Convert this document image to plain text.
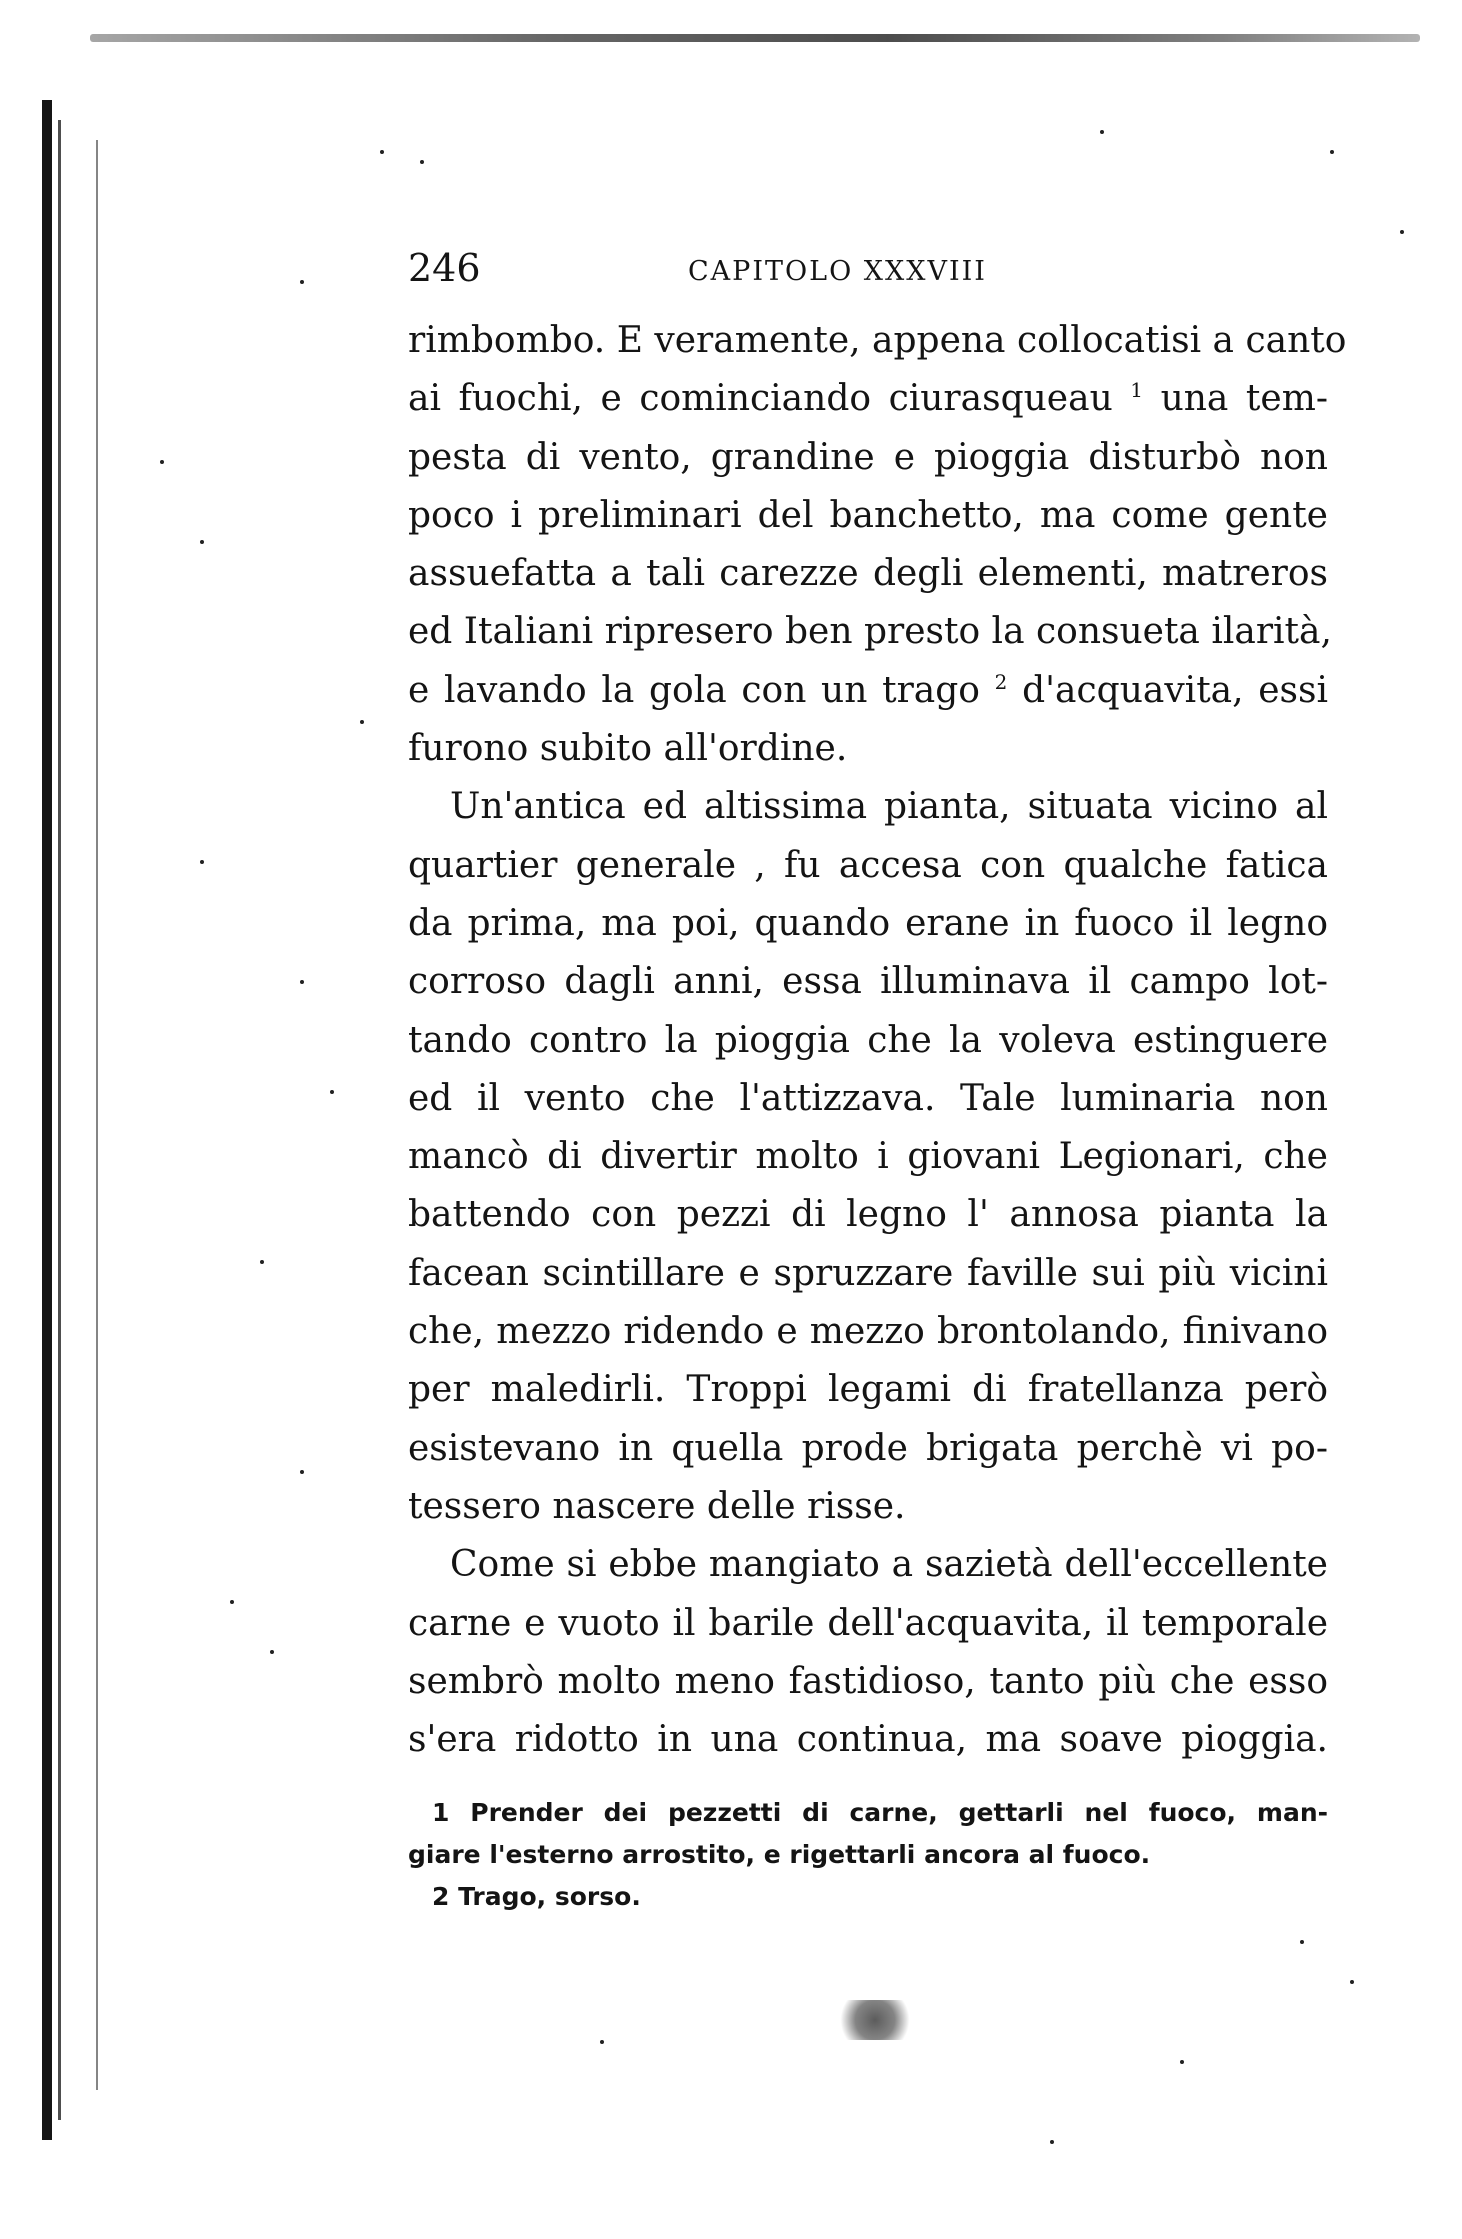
246	CAPITOLO XXXVIII
rimbombo. E veramente, appena collocatisi a canto
ai fuochi, e cominciando ciurasqueau $^1$ una tem-
pesta di vento, grandine e pioggia disturbò non
poco i preliminari del banchetto, ma come gente
assuefatta a tali carezze degli elementi, matreros
ed Italiani ripresero ben presto la consueta ilarità,
e lavando la gola con un trago $^2$ d'acquavita, essi
furono subito all'ordine.
Un'antica ed altissima pianta, situata vicino al
quartier generale , fu accesa con qualche fatica
da prima, ma poi, quando erane in fuoco il legno
corroso dagli anni, essa illuminava il campo lot-
tando contro la pioggia che la voleva estinguere
ed il vento che l'attizzava. Tale luminaria non
mancò di divertir molto i giovani Legionari, che
battendo con pezzi di legno l' annosa pianta la
facean scintillare e spruzzare faville sui più vicini
che, mezzo ridendo e mezzo brontolando, finivano
per maledirli. Troppi legami di fratellanza però
esistevano in quella prode brigata perchè vi po-
tessero nascere delle risse.
Come si ebbe mangiato a sazietà dell'eccellente
carne e vuoto il barile dell'acquavita, il temporale
sembrò molto meno fastidioso, tanto più che esso
s'era ridotto in una continua, ma soave pioggia.
1 Prender dei pezzetti di carne, gettarli nel fuoco, man-
giare l'esterno arrostito, e rigettarli ancora al fuoco.
2 Trago, sorso.
